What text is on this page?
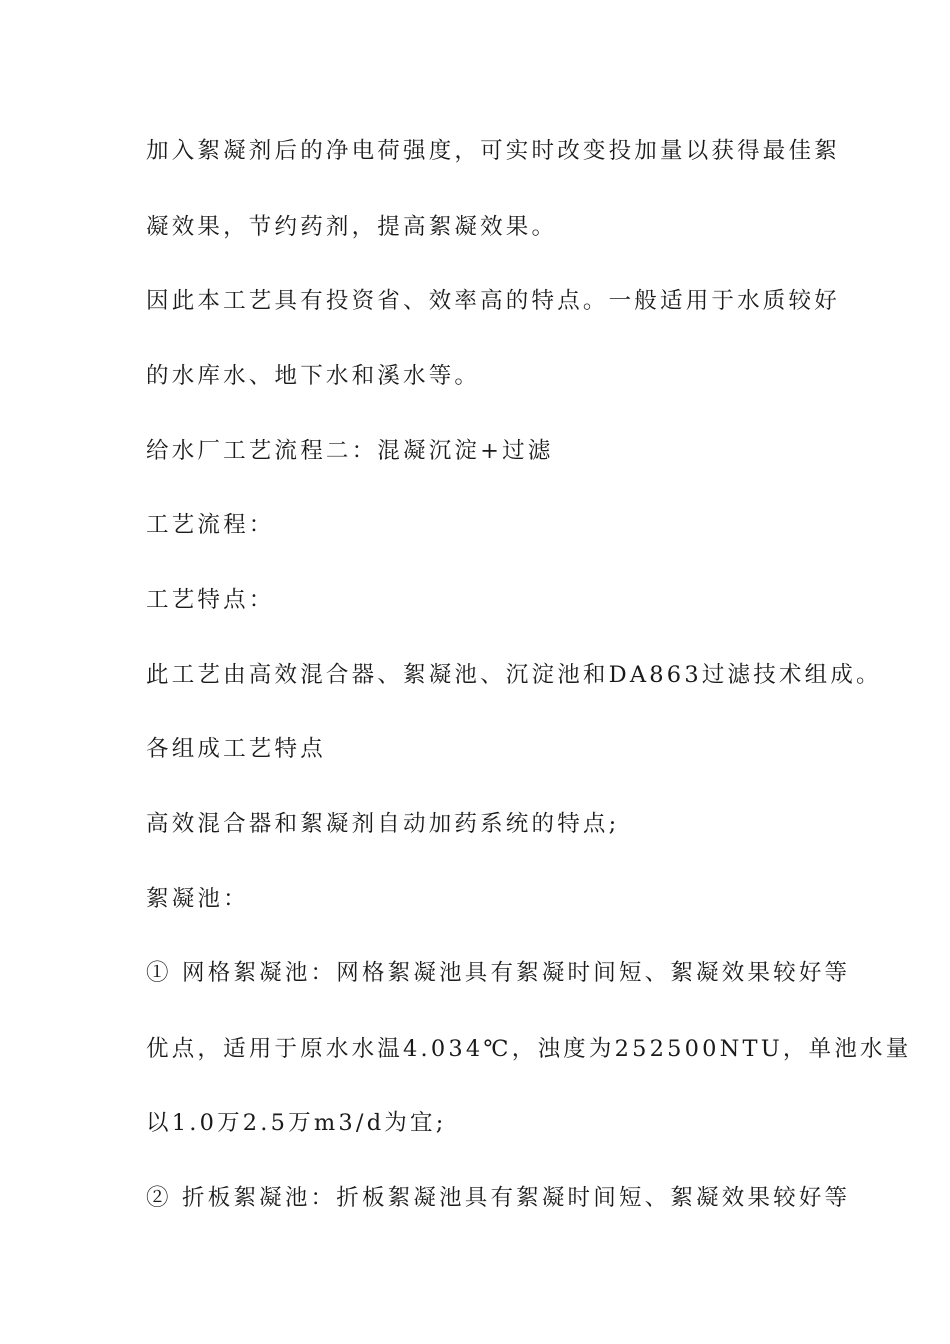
加入絮凝剂后的净电荷强度，可实时改变投加量以获得最佳絮
凝效果，节约药剂，提高絮凝效果。
因此本工艺具有投资省、效率高的特点。一般适用于水质较好
的水库水、地下水和溪水等。
给水厂工艺流程二：混凝沉淀+过滤
工艺流程：
工艺特点：
此工艺由高效混合器、絮凝池、沉淀池和DA863过滤技术组成。
各组成工艺特点
高效混合器和絮凝剂自动加药系统的特点;
絮凝池：
① 网格絮凝池：网格絮凝池具有絮凝时间短、絮凝效果较好等
优点，适用于原水水温4.034℃，浊度为252500NTU，单池水量
以1.0万2.5万m3/d为宜;
② 折板絮凝池：折板絮凝池具有絮凝时间短、絮凝效果较好等
